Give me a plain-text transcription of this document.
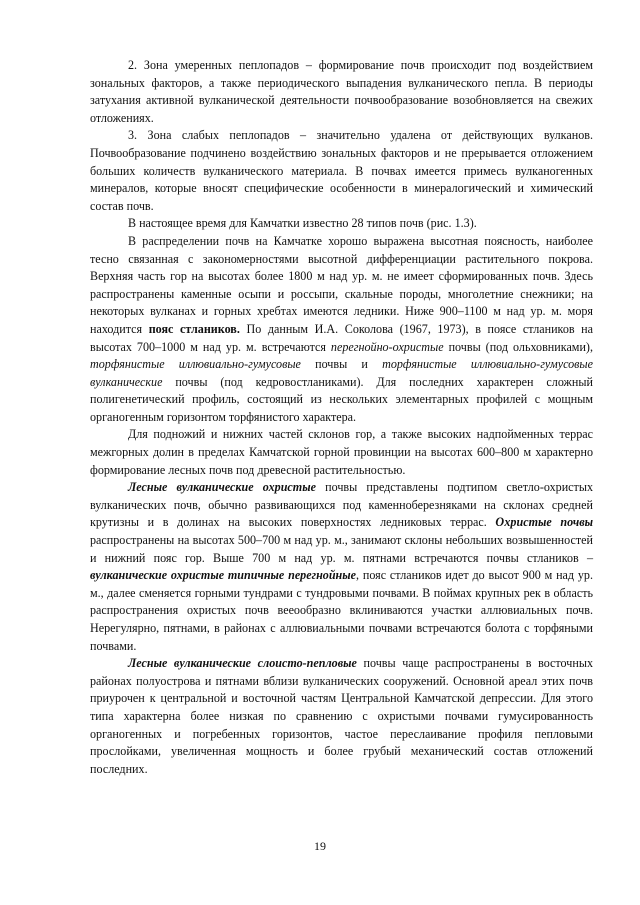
2. Зона умеренных пеплопадов – формирование почв происходит под воздействием зональных факторов, а также периодического выпадения вулканического пепла. В периоды затухания активной вулканической деятельности почвообразование возобновляется на свежих отложениях.

3. Зона слабых пеплопадов – значительно удалена от действующих вулканов. Почвообразование подчинено воздействию зональных факторов и не прерывается отложением больших количеств вулканического материала. В почвах имеется примесь вулканогенных минералов, которые вносят специфические особенности в минералогический и химический состав почв.

В настоящее время для Камчатки известно 28 типов почв (рис. 1.3).

В распределении почв на Камчатке хорошо выражена высотная поясность, наиболее тесно связанная с закономерностями высотной дифференциации растительного покрова. Верхняя часть гор на высотах более 1800 м над ур. м. не имеет сформированных почв. Здесь распространены каменные осыпи и россыпи, скальные породы, многолетние снежники; на некоторых вулканах и горных хребтах имеются ледники. Ниже 900–1100 м над ур. м. моря находится пояс стлаников. По данным И.А. Соколова (1967, 1973), в поясе стлаников на высотах 700–1000 м над ур. м. встречаются перегнойно-охристые почвы (под ольховниками), торфянистые иллювиально-гумусовые почвы и торфянистые иллювиально-гумусовые вулканические почвы (под кедровостланиками). Для последних характерен сложный полигенетический профиль, состоящий из нескольких элементарных профилей с мощным органогенным горизонтом торфянистого характера.

Для подножий и нижних частей склонов гор, а также высоких надпойменных террас межгорных долин в пределах Камчатской горной провинции на высотах 600–800 м характерно формирование лесных почв под древесной растительностью.

Лесные вулканические охристые почвы представлены подтипом светло-охристых вулканических почв, обычно развивающихся под каменноберезняками на склонах средней крутизны и в долинах на высоких поверхностях ледниковых террас. Охристые почвы распространены на высотах 500–700 м над ур. м., занимают склоны небольших возвышенностей и нижний пояс гор. Выше 700 м над ур. м. пятнами встречаются почвы стлаников – вулканические охристые типичные перегнойные, пояс стлаников идет до высот 900 м над ур. м., далее сменяется горными тундрами с тундровыми почвами. В поймах крупных рек в область распространения охристых почв вееообразно вклиниваются участки аллювиальных почв. Нерегулярно, пятнами, в районах с аллювиальными почвами встречаются болота с торфяными почвами.

Лесные вулканические слоисто-пепловые почвы чаще распространены в восточных районах полуострова и пятнами вблизи вулканических сооружений. Основной ареал этих почв приурочен к центральной и восточной частям Центральной Камчатской депрессии. Для этого типа характерна более низкая по сравнению с охристыми почвами гумусированность органогенных и погребенных горизонтов, частое переслаивание профиля пепловыми прослойками, увеличенная мощность и более грубый механический состав отложений последних.

19
